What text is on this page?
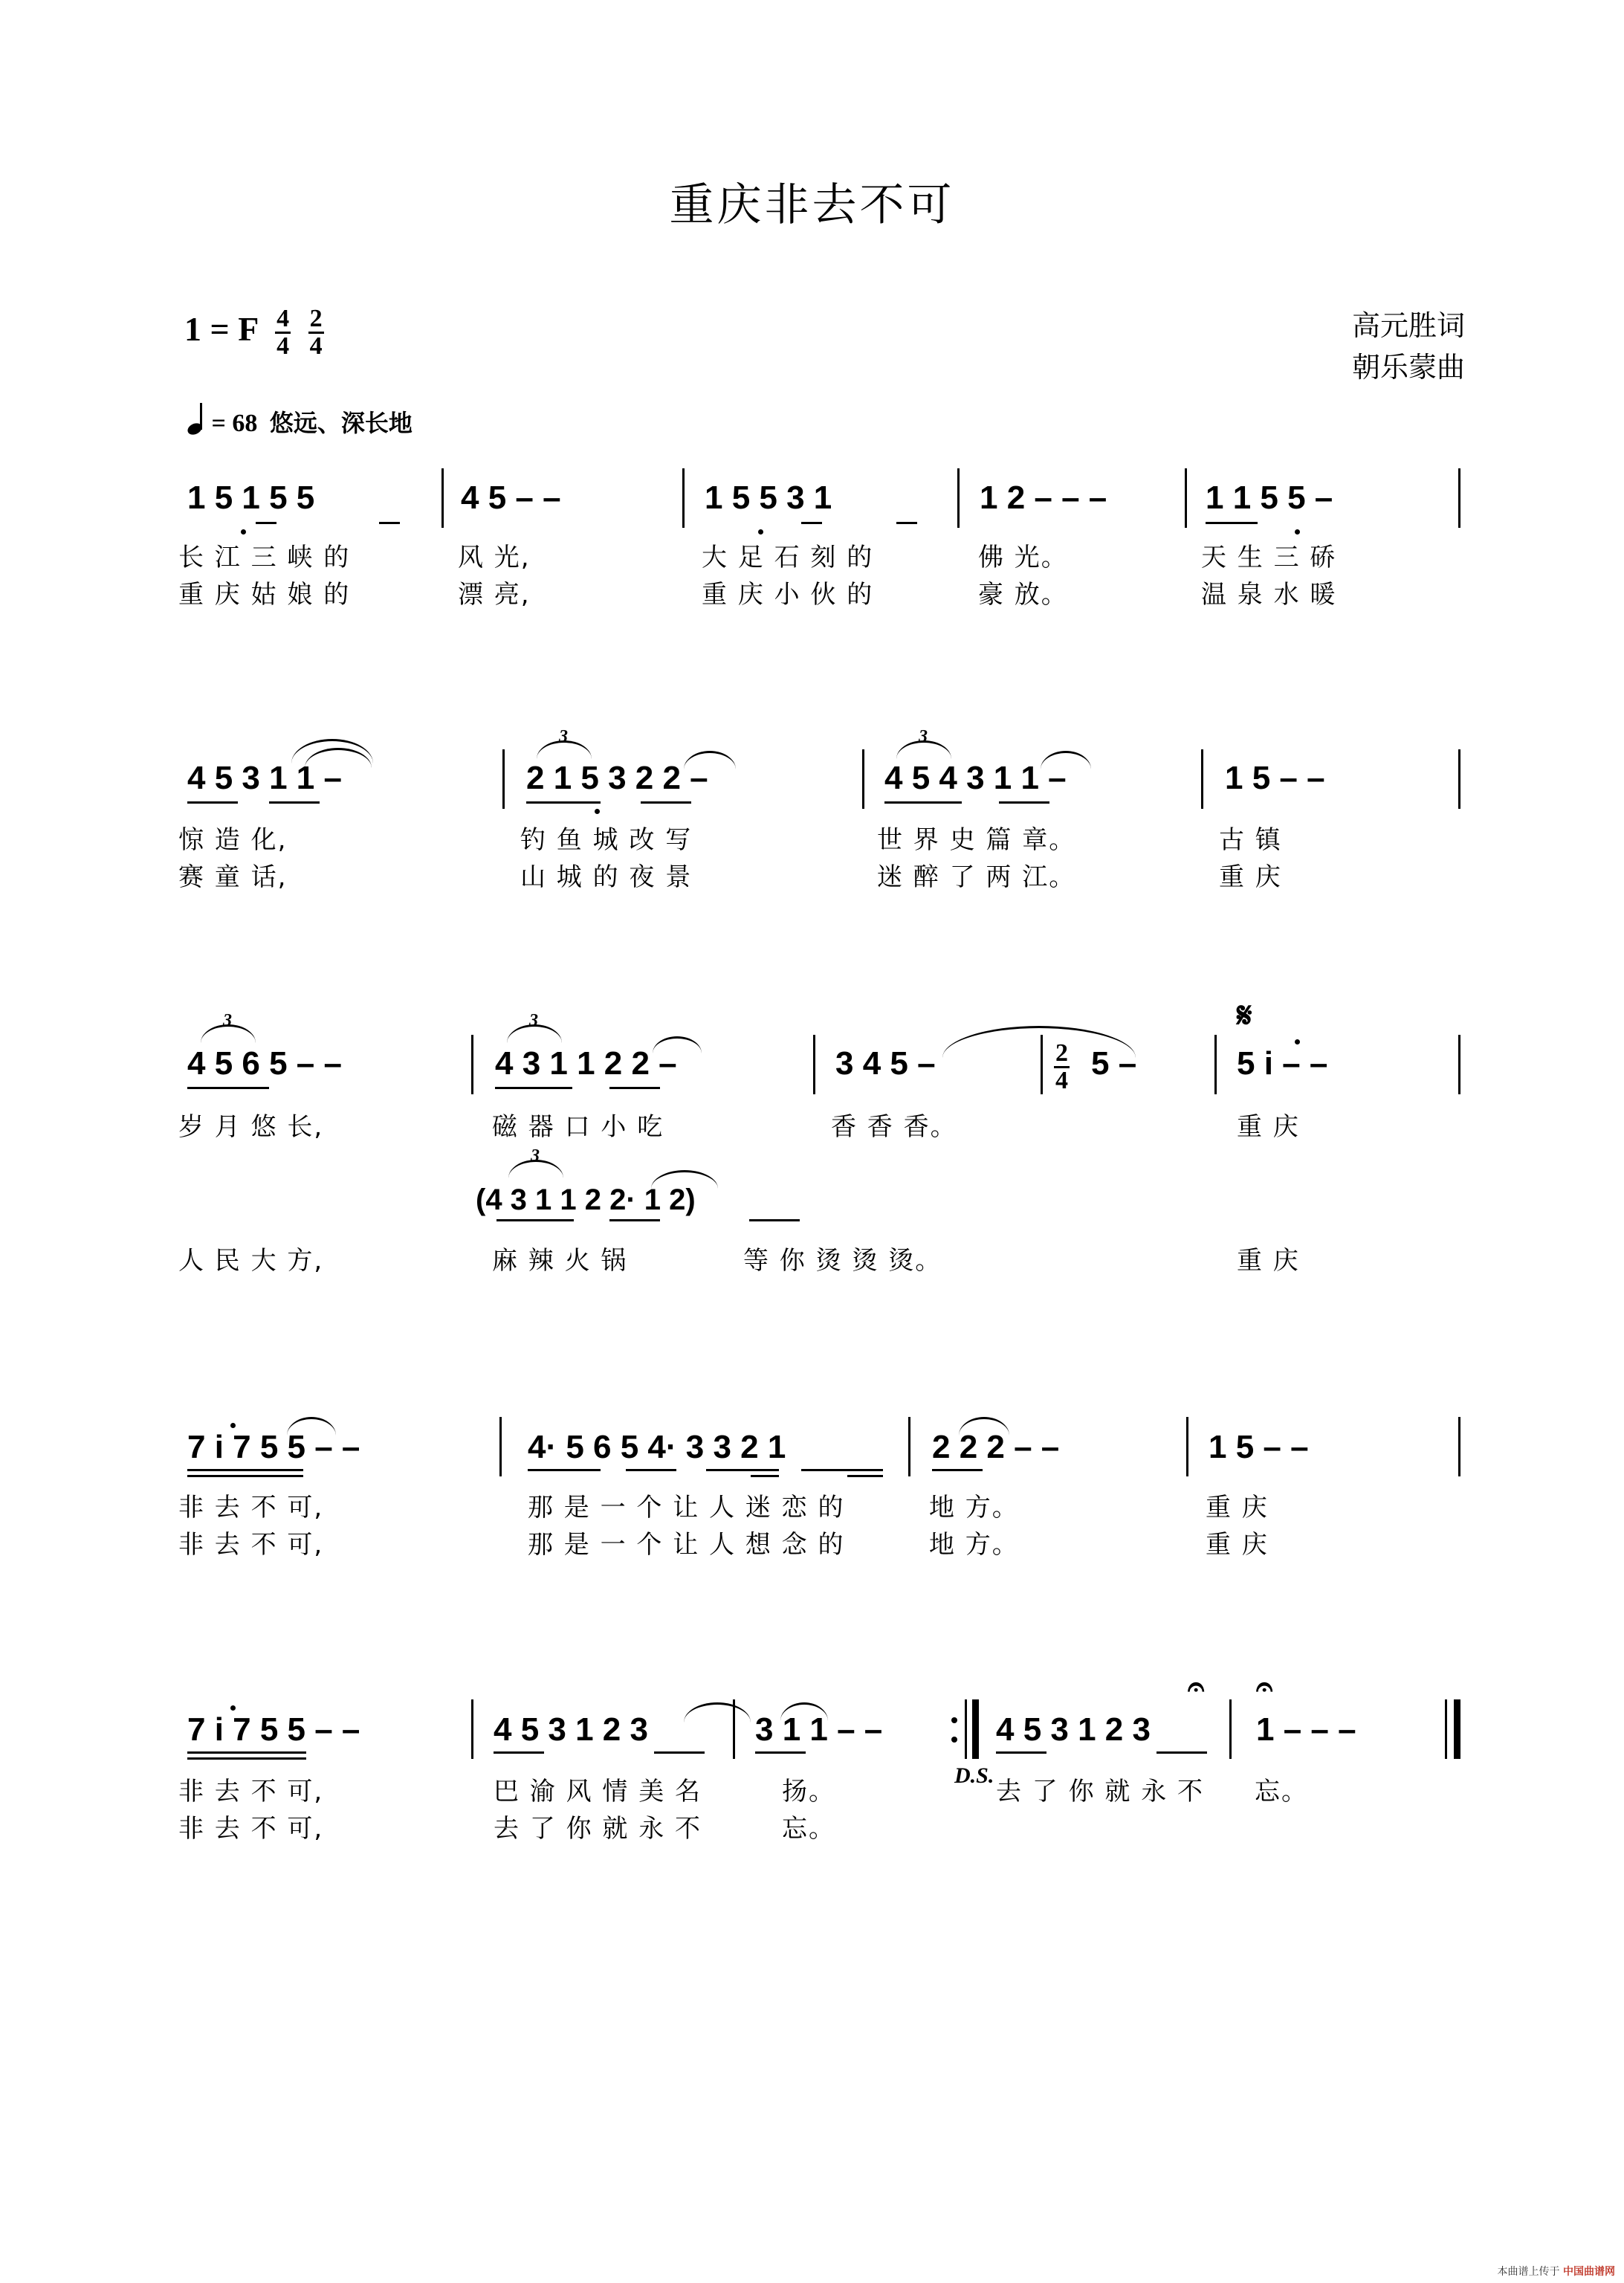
重庆非去不可
1 = F $\frac{4}{4} \frac{2}{4}$	高元胜词
朝乐蒙曲
= 68 悠远、深长地
1 5 1 5 5	4 5 – –	1 5 5 3 1	1 2 – – –	1 1 5 5 –
长 江 三 峡 的	风 光,	大 足 石 刻 的	佛 光。	天 生 三 硚
重 庆 姑 娘 的	漂 亮,	重 庆 小 伙 的	豪 放。	温 泉 水 暖
4 5 3 1 1 –	2 1 5 3 2 2 –	4 5 4 3 1 1 –	1 5 – –
3	3
惊 造 化,	钓 鱼 城 改 写	世 界 史 篇 章。	古 镇
赛 童 话,	山 城 的 夜 景	迷 醉 了 两 江。	重 庆
𝄋
4 5 6 5 – –	4 3 1 1 2 2 –	3 4 5 –	$\frac{2}{4} 5$ –	5 i – –
3	3
岁 月 悠 长,	磁 器 口 小 吃	香 香 香。	重 庆
(4 3 1 1 2 2· 1 2)
3
人 民 大 方,	麻 辣 火 锅	等 你 烫 烫 烫。	重 庆
7 i 7 5 5 – –	4· 5 6 5 4· 3 3 2 1	2 2 2 – –	1 5 – –
非 去 不 可,	那 是 一 个 让 人 迷 恋 的	地 方。	重 庆
非 去 不 可,	那 是 一 个 让 人 想 念 的	地 方。	重 庆
7 i 7 5 5 – –	4 5 3 1 2 3	3 1 1 – –	4 5 3 1 2 3	1 – – –
𝄐 𝄐
D.S.
非 去 不 可,	巴 渝 风 情 美 名	扬。	去 了 你 就 永 不 忘。
非 去 不 可,	去 了 你 就 永 不	忘。
本曲谱上传于 中国曲谱网
